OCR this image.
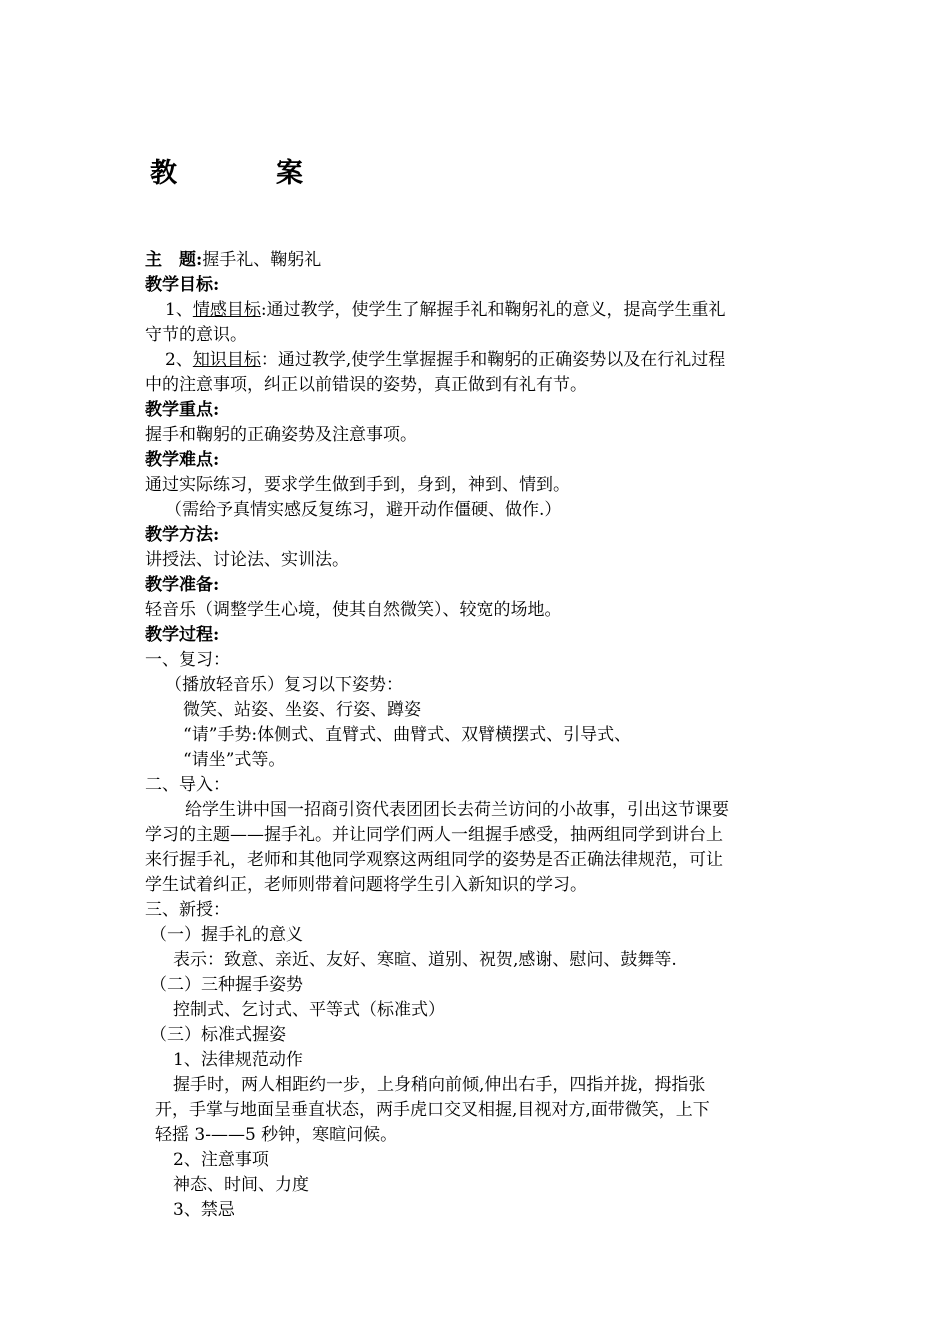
教　案
主　题:握手礼、鞠躬礼
教学目标:
1、情感目标:通过教学，使学生了解握手礼和鞠躬礼的意义，提高学生重礼
守节的意识。
2、知识目标：通过教学,使学生掌握握手和鞠躬的正确姿势以及在行礼过程
中的注意事项，纠正以前错误的姿势，真正做到有礼有节。
教学重点:
握手和鞠躬的正确姿势及注意事项。
教学难点:
通过实际练习，要求学生做到手到，身到，神到、情到。
（需给予真情实感反复练习，避开动作僵硬、做作.）
教学方法:
讲授法、讨论法、实训法。
教学准备:
轻音乐（调整学生心境，使其自然微笑）、较宽的场地。
教学过程:
一、复习：
（播放轻音乐）复习以下姿势：
微笑、站姿、坐姿、行姿、蹲姿
“请”手势:体侧式、直臂式、曲臂式、双臂横摆式、引导式、
“请坐”式等。
二、导入：
给学生讲中国一招商引资代表团团长去荷兰访问的小故事，引出这节课要
学习的主题——握手礼。并让同学们两人一组握手感受，抽两组同学到讲台上
来行握手礼，老师和其他同学观察这两组同学的姿势是否正确法律规范，可让
学生试着纠正，老师则带着问题将学生引入新知识的学习。
三、新授：
（一）握手礼的意义
表示：致意、亲近、友好、寒暄、道别、祝贺,感谢、慰问、鼓舞等.
（二）三种握手姿势
控制式、乞讨式、平等式（标准式）
（三）标准式握姿
1、法律规范动作
握手时，两人相距约一步，上身稍向前倾,伸出右手，四指并拢，拇指张
开，手掌与地面呈垂直状态，两手虎口交叉相握,目视对方,面带微笑，上下
轻摇 3-——5 秒钟，寒暄问候。
2、注意事项
神态、时间、力度
3、禁忌
